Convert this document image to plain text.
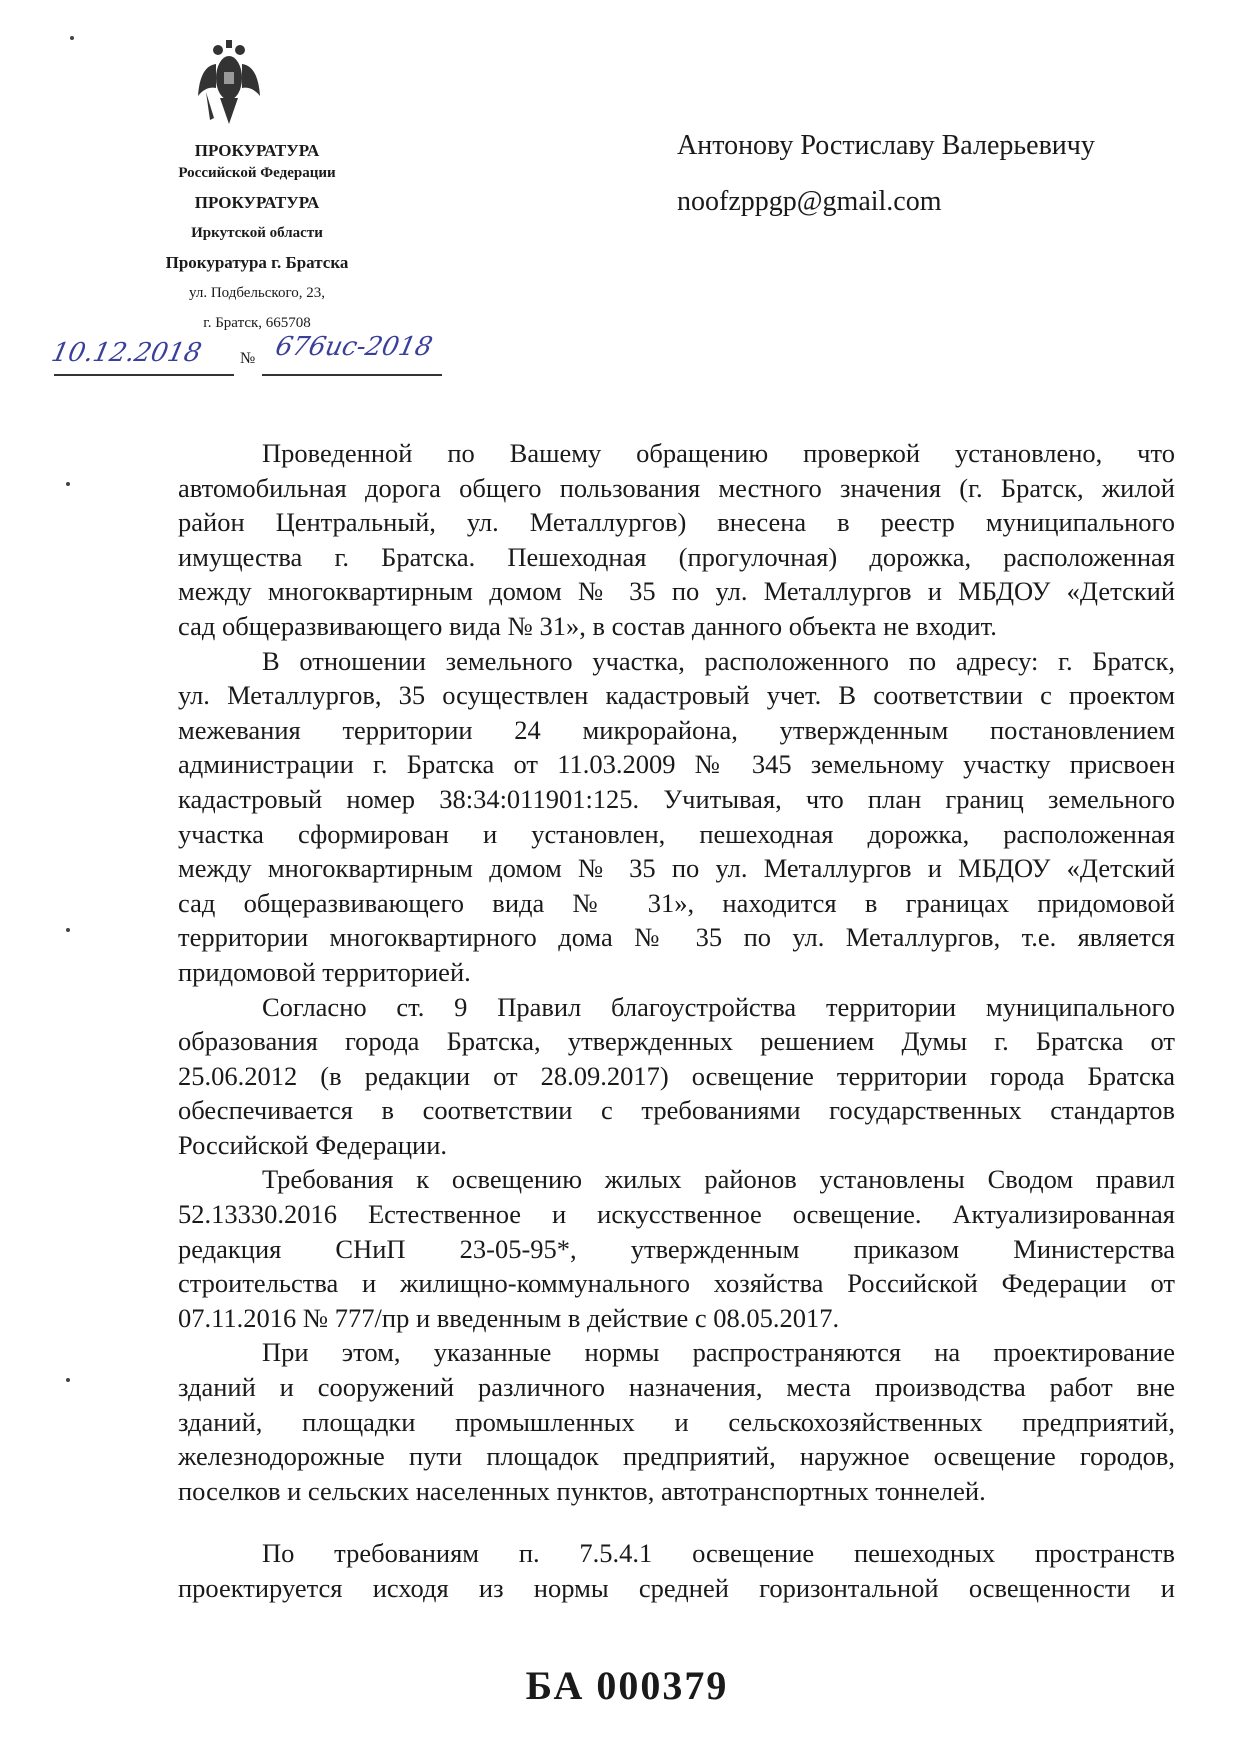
ПРОКУРАТУРА
Российской Федерации
ПРОКУРАТУРА
Иркутской области
Прокуратура г. Братска
ул. Подбельского, 23,
г. Братск, 665708
10.12.2018 № 676ис-2018
Антонову Ростиславу Валерьевичу
noofzppgp@gmail.com
Проведенной по Вашему обращению проверкой установлено, что
автомобильная дорога общего пользования местного значения (г. Братск, жилой
район Центральный, ул. Металлургов) внесена в реестр муниципального
имущества г. Братска. Пешеходная (прогулочная) дорожка, расположенная
между многоквартирным домом № 35 по ул. Металлургов и МБДОУ «Детский
сад общеразвивающего вида № 31», в состав данного объекта не входит.
В отношении земельного участка, расположенного по адресу: г. Братск,
ул. Металлургов, 35 осуществлен кадастровый учет. В соответствии с проектом
межевания территории 24 микрорайона, утвержденным постановлением
администрации г. Братска от 11.03.2009 № 345 земельному участку присвоен
кадастровый номер 38:34:011901:125. Учитывая, что план границ земельного
участка сформирован и установлен, пешеходная дорожка, расположенная
между многоквартирным домом № 35 по ул. Металлургов и МБДОУ «Детский
сад общеразвивающего вида № 31», находится в границах придомовой
территории многоквартирного дома № 35 по ул. Металлургов, т.е. является
придомовой территорией.
Согласно ст. 9 Правил благоустройства территории муниципального
образования города Братска, утвержденных решением Думы г. Братска от
25.06.2012 (в редакции от 28.09.2017) освещение территории города Братска
обеспечивается в соответствии с требованиями государственных стандартов
Российской Федерации.
Требования к освещению жилых районов установлены Сводом правил
52.13330.2016 Естественное и искусственное освещение. Актуализированная
редакция СНиП 23-05-95*, утвержденным приказом Министерства
строительства и жилищно-коммунального хозяйства Российской Федерации от
07.11.2016 № 777/пр и введенным в действие с 08.05.2017.
При этом, указанные нормы распространяются на проектирование
зданий и сооружений различного назначения, места производства работ вне
зданий, площадки промышленных и сельскохозяйственных предприятий,
железнодорожные пути площадок предприятий, наружное освещение городов,
поселков и сельских населенных пунктов, автотранспортных тоннелей.
По требованиям п. 7.5.4.1 освещение пешеходных пространств
проектируется исходя из нормы средней горизонтальной освещенности и
БА 000379
